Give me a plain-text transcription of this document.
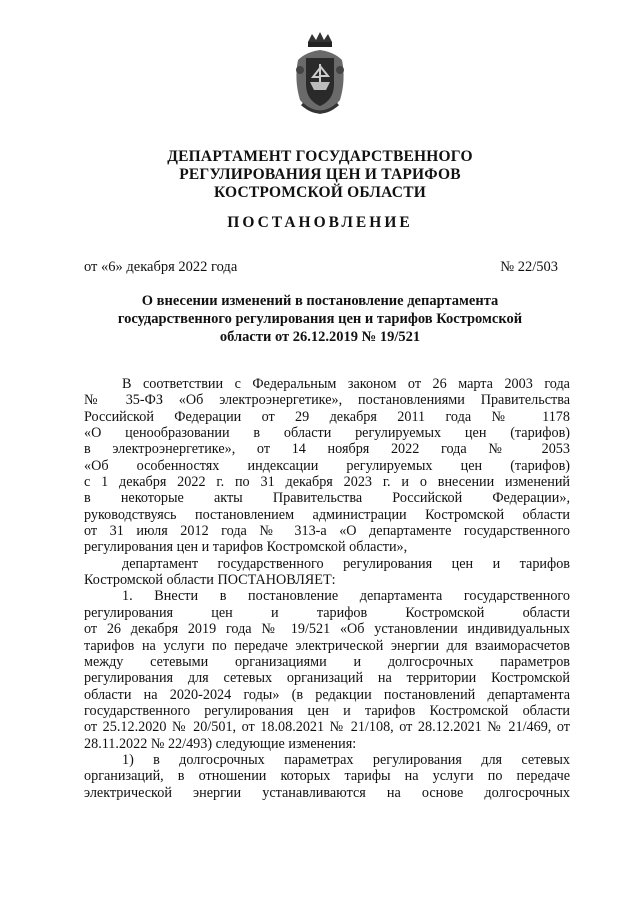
ДЕПАРТАМЕНТ ГОСУДАРСТВЕННОГО
РЕГУЛИРОВАНИЯ ЦЕН И ТАРИФОВ
КОСТРОМСКОЙ ОБЛАСТИ
ПОСТАНОВЛЕНИЕ
от «6» декабря 2022 года	№ 22/503
О внесении изменений в постановление департамента
государственного регулирования цен и тарифов Костромской
области от 26.12.2019 № 19/521
В соответствии с Федеральным законом от 26 марта 2003 года
№ 35-ФЗ «Об электроэнергетике», постановлениями Правительства
Российской Федерации от 29 декабря 2011 года № 1178
«О ценообразовании в области регулируемых цен (тарифов)
в электроэнергетике», от 14 ноября 2022 года № 2053
«Об особенностях индексации регулируемых цен (тарифов)
с 1 декабря 2022 г. по 31 декабря 2023 г. и о внесении изменений
в некоторые акты Правительства Российской Федерации»,
руководствуясь постановлением администрации Костромской области
от 31 июля 2012 года № 313-а «О департаменте государственного
регулирования цен и тарифов Костромской области»,
департамент государственного регулирования цен и тарифов
Костромской области ПОСТАНОВЛЯЕТ:
1. Внести в постановление департамента государственного
регулирования цен и тарифов Костромской области
от 26 декабря 2019 года № 19/521 «Об установлении индивидуальных
тарифов на услуги по передаче электрической энергии для взаиморасчетов
между сетевыми организациями и долгосрочных параметров
регулирования для сетевых организаций на территории Костромской
области на 2020-2024 годы» (в редакции постановлений департамента
государственного регулирования цен и тарифов Костромской области
от 25.12.2020 № 20/501, от 18.08.2021 № 21/108, от 28.12.2021 № 21/469, от
28.11.2022 № 22/493) следующие изменения:
1) в долгосрочных параметрах регулирования для сетевых
организаций, в отношении которых тарифы на услуги по передаче
электрической энергии устанавливаются на основе долгосрочных
